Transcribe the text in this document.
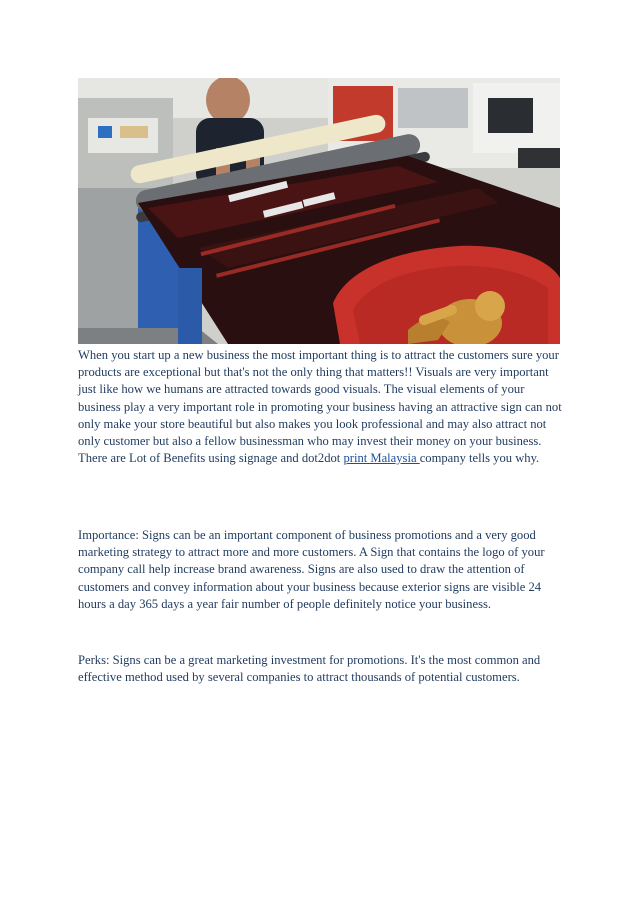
When you start up a new business the most important thing is to attract the customers sure your products are exceptional but that's not the only thing that matters!! Visuals are very important just like how we humans are attracted towards good visuals. The visual elements of your business play a very important role in promoting your business having an attractive sign can not only make your store beautiful but also makes you look professional and may also attract not only customer but also a fellow businessman who may invest their money on your business. There are Lot of Benefits using signage and dot2dot print Malaysia company tells you why.

Importance: Signs can be an important component of business promotions and a very good marketing strategy to attract more and more customers. A Sign that contains the logo of your company call help increase brand awareness. Signs are also used to draw the attention of customers and convey information about your business because exterior signs are visible 24 hours a day 365 days a year fair number of people definitely notice your business.

Perks: Signs can be a great marketing investment for promotions. It's the most common and effective method used by several companies to attract thousands of potential customers.
